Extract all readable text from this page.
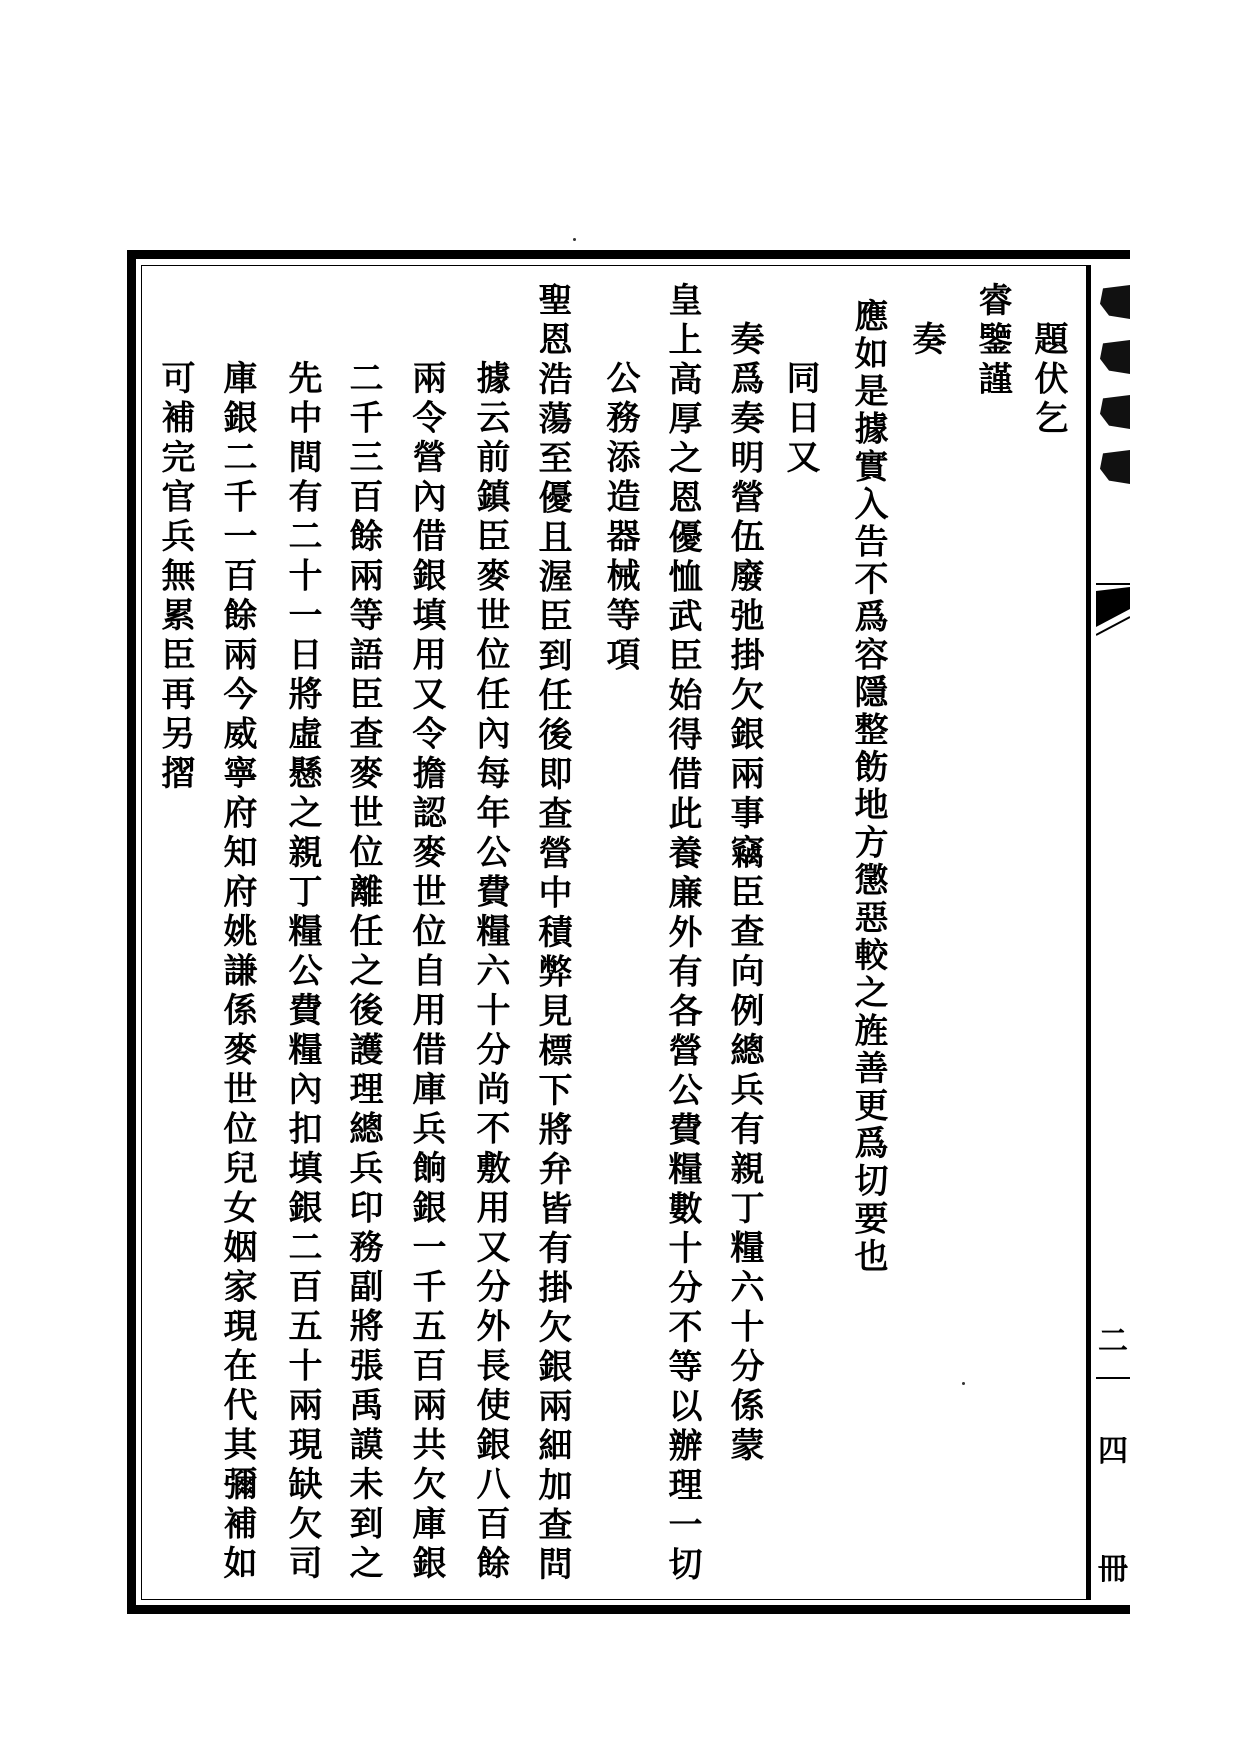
題伏乞
睿鑒謹
奏
應如是據實入告不爲容隱整飭地方懲惡較之旌善更爲切要也
同日又
奏爲奏明營伍廢弛掛欠銀兩事竊臣查向例總兵有親丁糧六十分係蒙
皇上高厚之恩優恤武臣始得借此養廉外有各營公費糧數十分不等以辦理一切
公務添造器械等項
聖恩浩蕩至優且渥臣到任後即查營中積弊見標下將弁皆有掛欠銀兩細加查問
據云前鎮臣麥世位任內每年公費糧六十分尚不敷用又分外長使銀八百餘
兩令營內借銀填用又令擔認麥世位自用借庫兵餉銀一千五百兩共欠庫銀
二千三百餘兩等語臣查麥世位離任之後護理總兵印務副將張禹謨未到之
先中間有二十一日將虛懸之親丁糧公費糧內扣填銀二百五十兩現缺欠司
庫銀二千一百餘兩今威寧府知府姚謙係麥世位兒女姻家現在代其彌補如
可補完官兵無累臣再另摺
二
四
冊
